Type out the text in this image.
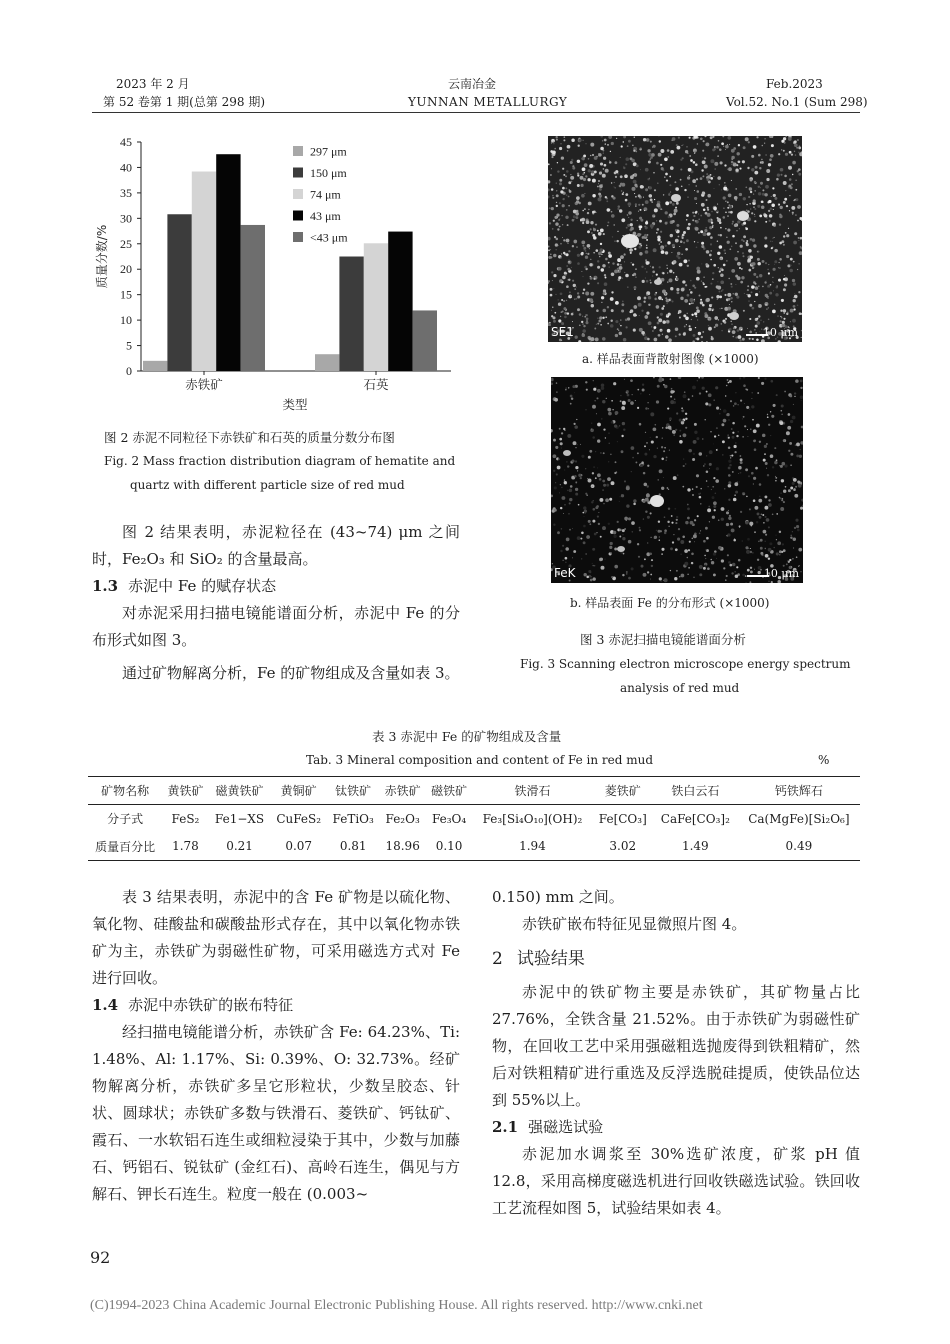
2023 年 2 月
第 52 卷第 1 期(总第 298 期)
云南冶金
YUNNAN METALLURGY
Feb.2023
Vol.52. No.1 (Sum 298)
0
5
10
15
20
25
30
35
40
45
赤铁矿	石英
类型
质量分数/%
297 μm
150 μm
74 μm
43 μm
<43 μm
图 2 赤泥不同粒径下赤铁矿和石英的质量分数分布图
Fig. 2 Mass fraction distribution diagram of hematite and
quartz with different particle size of red mud
SE1	10 μm
a. 样品表面背散射图像 (×1000)
FeK	10 μm
b. 样品表面 Fe 的分布形式 (×1000)
图 3 赤泥扫描电镜能谱面分析
Fig. 3 Scanning electron microscope energy spectrum
analysis of red mud

图 2 结果表明，赤泥粒径在 (43~74) μm 之间时，Fe₂O₃ 和 SiO₂ 的含量最高。

1.3 赤泥中 Fe 的赋存状态

对赤泥采用扫描电镜能谱面分析，赤泥中 Fe 的分布形式如图 3。

通过矿物解离分析，Fe 的矿物组成及含量如表 3。

表 3 赤泥中 Fe 的矿物组成及含量
Tab. 3 Mineral composition and content of Fe in red mud	%
矿物名称	黄铁矿	磁黄铁矿	黄铜矿	钛铁矿	赤铁矿	磁铁矿	铁滑石	菱铁矿	铁白云石	钙铁辉石
分子式	FeS₂	Fe1−XS	CuFeS₂	FeTiO₃	Fe₂O₃	Fe₃O₄	Fe₃[Si₄O₁₀](OH)₂	Fe[CO₃]	CaFe[CO₃]₂	Ca(MgFe)[Si₂O₆]
质量百分比	1.78	0.21	0.07	0.81	18.96	0.10	1.94	3.02	1.49	0.49

表 3 结果表明，赤泥中的含 Fe 矿物是以硫化物、氧化物、硅酸盐和碳酸盐形式存在，其中以氧化物赤铁矿为主，赤铁矿为弱磁性矿物，可采用磁选方式对 Fe 进行回收。

1.4 赤泥中赤铁矿的嵌布特征

经扫描电镜能谱分析，赤铁矿含 Fe: 64.23%、Ti: 1.48%、Al: 1.17%、Si: 0.39%、O: 32.73%。经矿物解离分析，赤铁矿多呈它形粒状，少数呈胶态、针状、圆球状；赤铁矿多数与铁滑石、菱铁矿、钙钛矿、霞石、一水软铝石连生或细粒浸染于其中，少数与加藤石、钙铝石、锐钛矿 (金红石)、高岭石连生，偶见与方解石、钾长石连生。粒度一般在 (0.003~

0.150) mm 之间。

赤铁矿嵌布特征见显微照片图 4。

2 试验结果

赤泥中的铁矿物主要是赤铁矿，其矿物量占比 27.76%，全铁含量 21.52%。由于赤铁矿为弱磁性矿物，在回收工艺中采用强磁粗选抛废得到铁粗精矿，然后对铁粗精矿进行重选及反浮选脱硅提质，使铁品位达到 55%以上。

2.1 强磁选试验

赤泥加水调浆至 30%选矿浓度，矿浆 pH 值 12.8，采用高梯度磁选机进行回收铁磁选试验。铁回收工艺流程如图 5，试验结果如表 4。

92
(C)1994-2023 China Academic Journal Electronic Publishing House. All rights reserved. http://www.cnki.net
